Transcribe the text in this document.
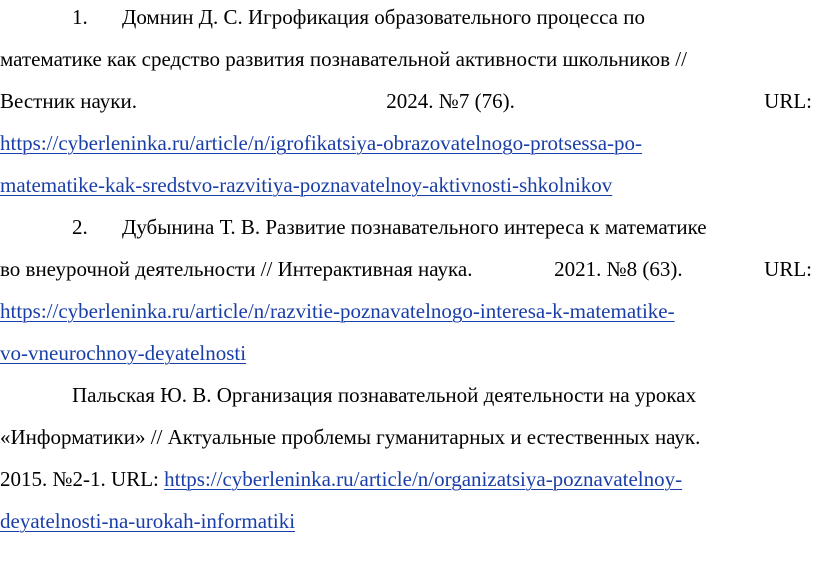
1. Домнин Д. С. Игрофикация образовательного процесса по
математике как средство развития познавательной активности школьников //
Вестник науки.	2024. №7 (76).	URL:
https://cyberleninka.ru/article/n/igrofikatsiya-obrazovatelnogo-protsessa-po-
matematike-kak-sredstvo-razvitiya-poznavatelnoy-aktivnosti-shkolnikov
2. Дубынина Т. В. Развитие познавательного интереса к математике
во внеурочной деятельности // Интерактивная наука.	2021. №8 (63).	URL:
https://cyberleninka.ru/article/n/razvitie-poznavatelnogo-interesa-k-matematike-
vo-vneurochnoy-deyatelnosti
Пальская Ю. В. Организация познавательной деятельности на уроках
«Информатики» // Актуальные проблемы гуманитарных и естественных наук.
2015. №2-1. URL: https://cyberleninka.ru/article/n/organizatsiya-poznavatelnoy-
deyatelnosti-na-urokah-informatiki
